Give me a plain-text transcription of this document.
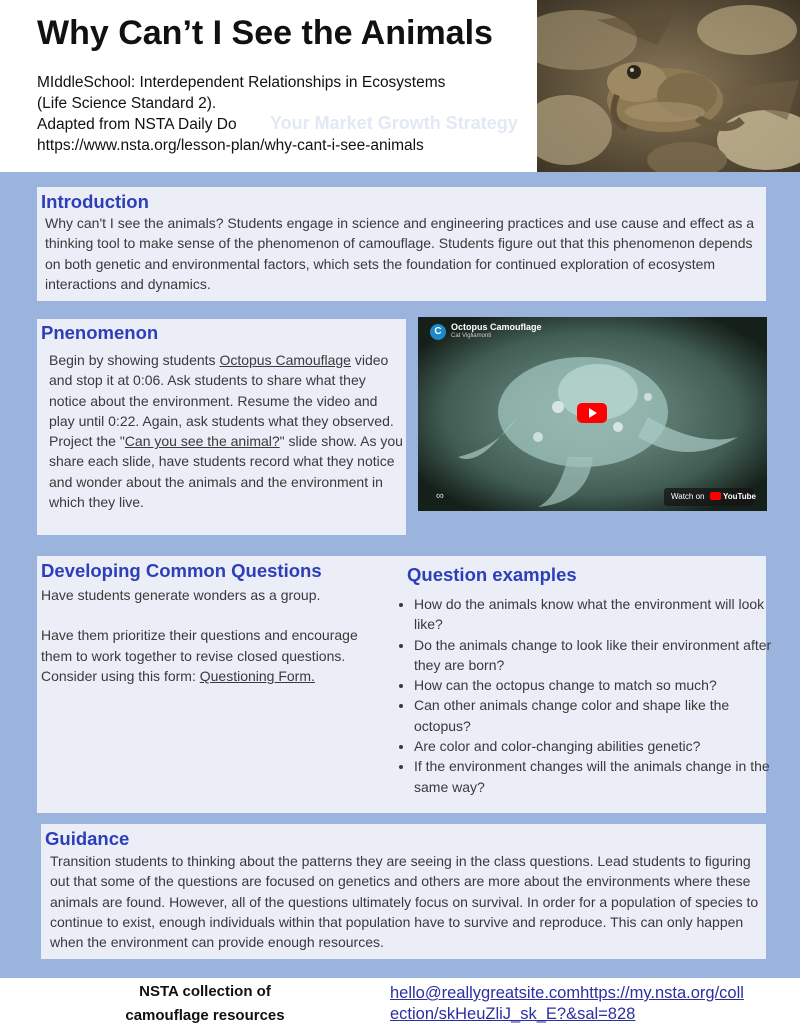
Why Can’t I See the Animals
MIddleSchool: Interdependent Relationships in Ecosystems
(Life Science Standard 2).
Adapted from NSTA Daily Do
https://www.nsta.org/lesson-plan/why-cant-i-see-animals
Your Market Growth Strategy
Introduction
Why can't I see the animals? Students engage in science and engineering practices and use cause and effect as a thinking tool to make sense of the phenomenon of camouflage. Students figure out that this phenomenon depends on both genetic and environmental factors, which sets the foundation for continued exploration of ecosystem interactions and dynamics.
Pnenomenon
Begin by showing students Octopus Camouflage video and stop it at 0:06. Ask students to share what they notice about the environment. Resume the video and play until 0:22. Again, ask students what they observed.
Project the "Can you see the animal?" slide show. As you share each slide, have students record what they notice and wonder about the animals and the environment in which they live.
C	Octopus Camouflage
Cat Vigliamonti
∞	Watch on YouTube
Developing Common Questions
Have students generate wonders as a group.
Have them prioritize their questions and encourage them to work together to revise closed questions. Consider using this form: Questioning Form.
Question examples
• How do the animals know what the environment will look like?
• Do the animals change to look like their environment after they are born?
• How can the octopus change to match so much?
• Can other animals change color and shape like the octopus?
• Are color and color-changing abilities genetic?
• If the environment changes will the animals change in the same way?
Guidance
Transition students to thinking about the patterns they are seeing in the class questions. Lead students to figuring out that some of the questions are focused on genetics and others are more about the environments where these animals are found. However, all of the questions ultimately focus on survival. In order for a population of species to continue to exist, enough individuals within that population have to survive and reproduce. This can only happen when the environment can provide enough resources.
NSTA collection of
camouflage resources
hello@reallygreatsite.comhttps://my.nsta.org/collection/skHeuZliJ_sk_E?&sal=828
